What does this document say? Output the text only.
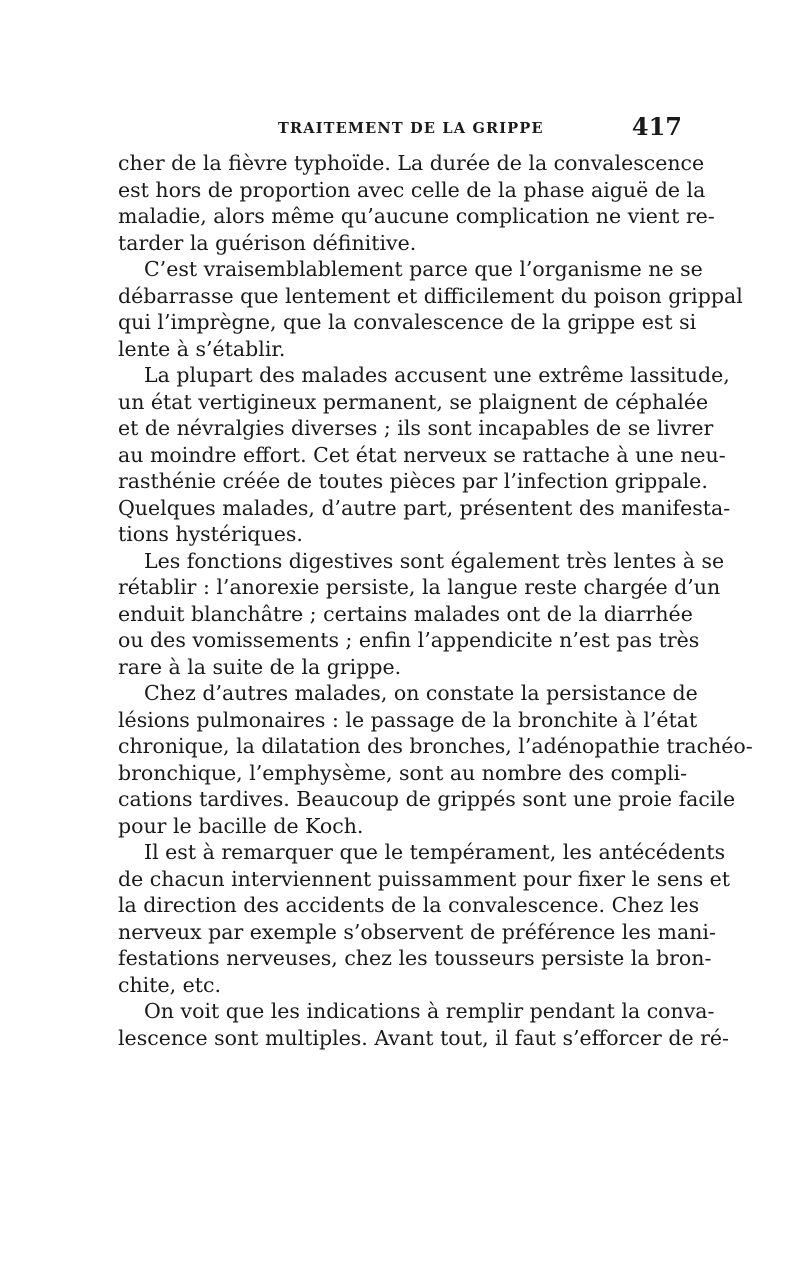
TRAITEMENT DE LA GRIPPE	417
cher de la fièvre typhoïde. La durée de la convalescence
est hors de proportion avec celle de la phase aiguë de la
maladie, alors même qu’aucune complication ne vient re-
tarder la guérison définitive.
C’est vraisemblablement parce que l’organisme ne se
débarrasse que lentement et difficilement du poison grippal
qui l’imprègne, que la convalescence de la grippe est si
lente à s’établir.
La plupart des malades accusent une extrême lassitude,
un état vertigineux permanent, se plaignent de céphalée
et de névralgies diverses ; ils sont incapables de se livrer
au moindre effort. Cet état nerveux se rattache à une neu-
rasthénie créée de toutes pièces par l’infection grippale.
Quelques malades, d’autre part, présentent des manifesta-
tions hystériques.
Les fonctions digestives sont également très lentes à se
rétablir : l’anorexie persiste, la langue reste chargée d’un
enduit blanchâtre ; certains malades ont de la diarrhée
ou des vomissements ; enfin l’appendicite n’est pas très
rare à la suite de la grippe.
Chez d’autres malades, on constate la persistance de
lésions pulmonaires : le passage de la bronchite à l’état
chronique, la dilatation des bronches, l’adénopathie trachéo-
bronchique, l’emphysème, sont au nombre des compli-
cations tardives. Beaucoup de grippés sont une proie facile
pour le bacille de Koch.
Il est à remarquer que le tempérament, les antécédents
de chacun interviennent puissamment pour fixer le sens et
la direction des accidents de la convalescence. Chez les
nerveux par exemple s’observent de préférence les mani-
festations nerveuses, chez les tousseurs persiste la bron-
chite, etc.
On voit que les indications à remplir pendant la conva-
lescence sont multiples. Avant tout, il faut s’efforcer de ré-
